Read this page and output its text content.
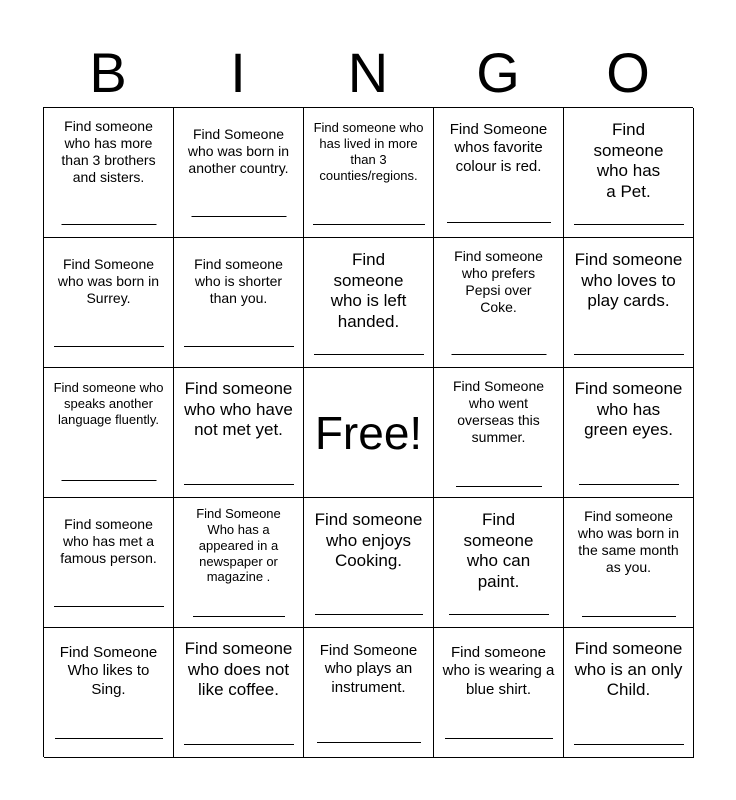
B	I	N	G	O
Find someone who has more than 3 brothers and sisters.
Find Someone who was born in another country.
Find someone who has lived in more than 3 counties/regions.
Find Someone whos favorite colour is red.
Find someone who has a Pet.
Find Someone who was born in Surrey.
Find someone who is shorter than you.
Find someone who is left handed.
Find someone who prefers Pepsi over Coke.
Find someone who loves to play cards.
Find someone who speaks another language fluently.
Find someone who who have not met yet. Free!
Find Someone who went overseas this summer.
Find someone who has green eyes.
Find someone who has met a famous person.
Find Someone Who has a appeared in a newspaper or magazine .
Find someone who enjoys Cooking.
Find someone who can paint.
Find someone who was born in the same month as you.
Find Someone Who likes to Sing.
Find someone who does not like coffee.
Find Someone who plays an instrument.
Find someone who is wearing a blue shirt.
Find someone who is an only Child.
